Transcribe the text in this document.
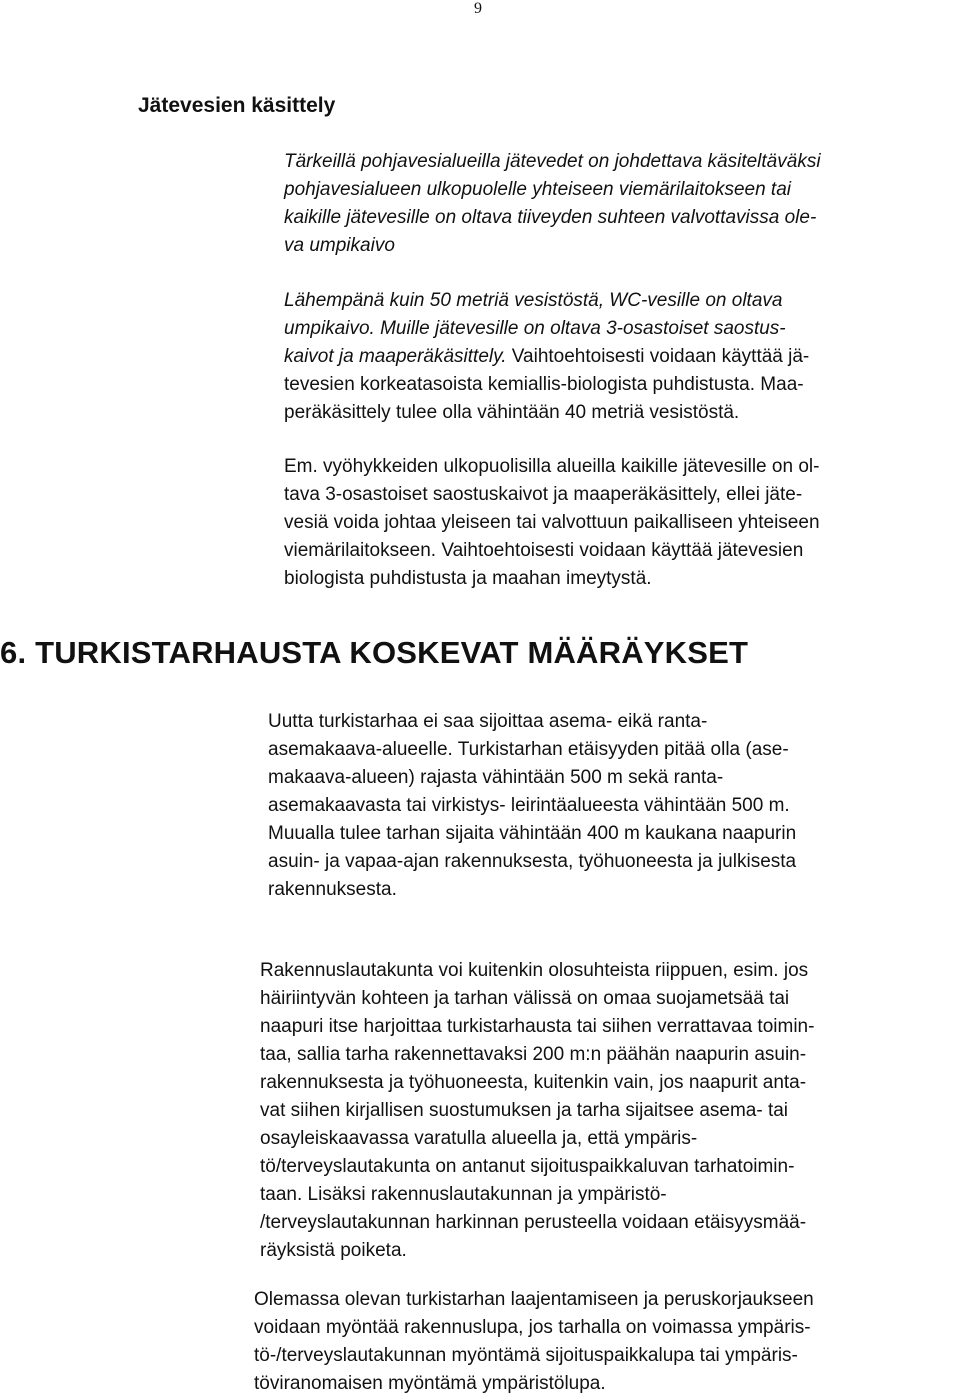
9
Jätevesien käsittely
Tärkeillä pohjavesialueilla jätevedet on johdettava käsiteltäväksi
pohjavesialueen ulkopuolelle yhteiseen viemärilaitokseen tai
kaikille jätevesille on oltava tiiveyden suhteen valvottavissa ole-
va umpikaivo
Lähempänä kuin 50 metriä vesistöstä, WC-vesille on oltava
umpikaivo. Muille jätevesille on oltava 3-osastoiset saostus-
kaivot ja maaperäkäsittely. Vaihtoehtoisesti voidaan käyttää jä-
tevesien korkeatasoista kemiallis-biologista puhdistusta. Maa-
peräkäsittely tulee olla vähintään 40 metriä vesistöstä.
Em. vyöhykkeiden ulkopuolisilla alueilla kaikille jätevesille on ol-
tava 3-osastoiset saostuskaivot ja maaperäkäsittely, ellei jäte-
vesiä voida johtaa yleiseen tai valvottuun paikalliseen yhteiseen
viemärilaitokseen. Vaihtoehtoisesti voidaan käyttää jätevesien
biologista puhdistusta ja maahan imeytystä.
6. TURKISTARHAUSTA KOSKEVAT MÄÄRÄYKSET
Uutta turkistarhaa ei saa sijoittaa asema- eikä ranta-
asemakaava-alueelle. Turkistarhan etäisyyden pitää olla (ase-
makaava-alueen) rajasta vähintään 500 m sekä ranta-
asemakaavasta tai virkistys- leirintäalueesta vähintään 500 m.
Muualla tulee tarhan sijaita vähintään 400 m kaukana naapurin
asuin- ja vapaa-ajan rakennuksesta, työhuoneesta ja julkisesta
rakennuksesta.
Rakennuslautakunta voi kuitenkin olosuhteista riippuen, esim. jos
häiriintyvän kohteen ja tarhan välissä on omaa suojametsää tai
naapuri itse harjoittaa turkistarhausta tai siihen verrattavaa toimin-
taa, sallia tarha rakennettavaksi 200 m:n päähän naapurin asuin-
rakennuksesta ja työhuoneesta, kuitenkin vain, jos naapurit anta-
vat siihen kirjallisen suostumuksen ja tarha sijaitsee asema- tai
osayleiskaavassa varatulla alueella ja, että ympäris-
tö/terveyslautakunta on antanut sijoituspaikkaluvan tarhatoimin-
taan. Lisäksi rakennuslautakunnan ja ympäristö-
/terveyslautakunnan harkinnan perusteella voidaan etäisyysmää-
räyksistä poiketa.
Olemassa olevan turkistarhan laajentamiseen ja peruskorjaukseen
voidaan myöntää rakennuslupa, jos tarhalla on voimassa ympäris-
tö-/terveyslautakunnan myöntämä sijoituspaikkalupa tai ympäris-
töviranomaisen myöntämä ympäristölupa.
